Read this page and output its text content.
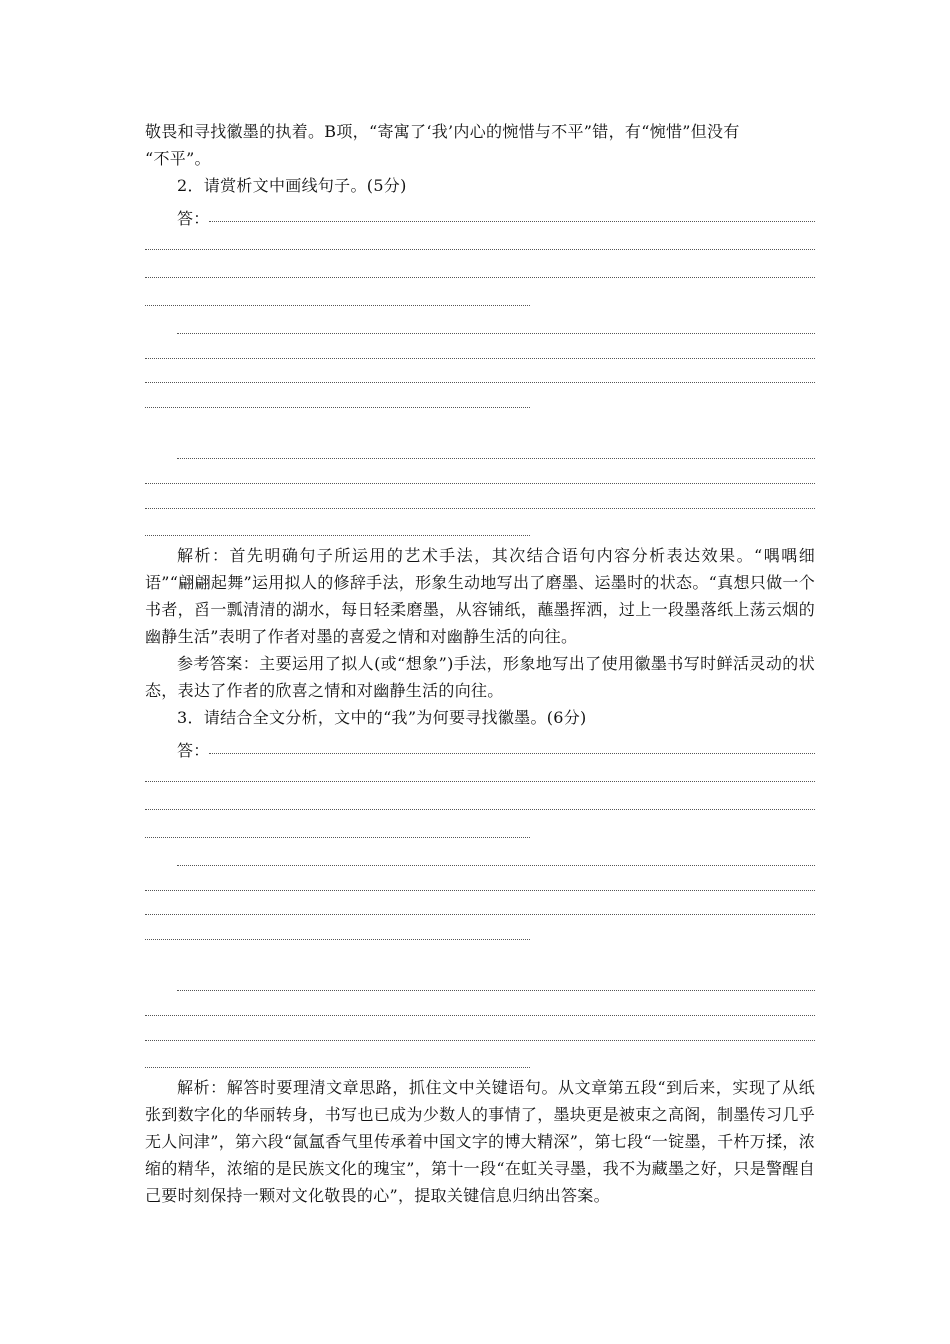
敬畏和寻找徽墨的执着。B项，“寄寓了‘我’内心的惋惜与不平”错，有“惋惜”但没有

“不平”。

2．请赏析文中画线句子。(5分)

答：

解析：首先明确句子所运用的艺术手法，其次结合语句内容分析表达效果。“喁喁细语”“翩翩起舞”运用拟人的修辞手法，形象生动地写出了磨墨、运墨时的状态。“真想只做一个书者，舀一瓢清清的湖水，每日轻柔磨墨，从容铺纸，蘸墨挥洒，过上一段墨落纸上荡云烟的幽静生活”表明了作者对墨的喜爱之情和对幽静生活的向往。

参考答案：主要运用了拟人(或“想象”)手法，形象地写出了使用徽墨书写时鲜活灵动的状态，表达了作者的欣喜之情和对幽静生活的向往。

3．请结合全文分析，文中的“我”为何要寻找徽墨。(6分)

答：

解析：解答时要理清文章思路，抓住文中关键语句。从文章第五段“到后来，实现了从纸张到数字化的华丽转身，书写也已成为少数人的事情了，墨块更是被束之高阁，制墨传习几乎无人问津”，第六段“氤氲香气里传承着中国文字的博大精深”，第七段“一锭墨，千杵万揉，浓缩的精华，浓缩的是民族文化的瑰宝”，第十一段“在虹关寻墨，我不为藏墨之好，只是警醒自己要时刻保持一颗对文化敬畏的心”，提取关键信息归纳出答案。
